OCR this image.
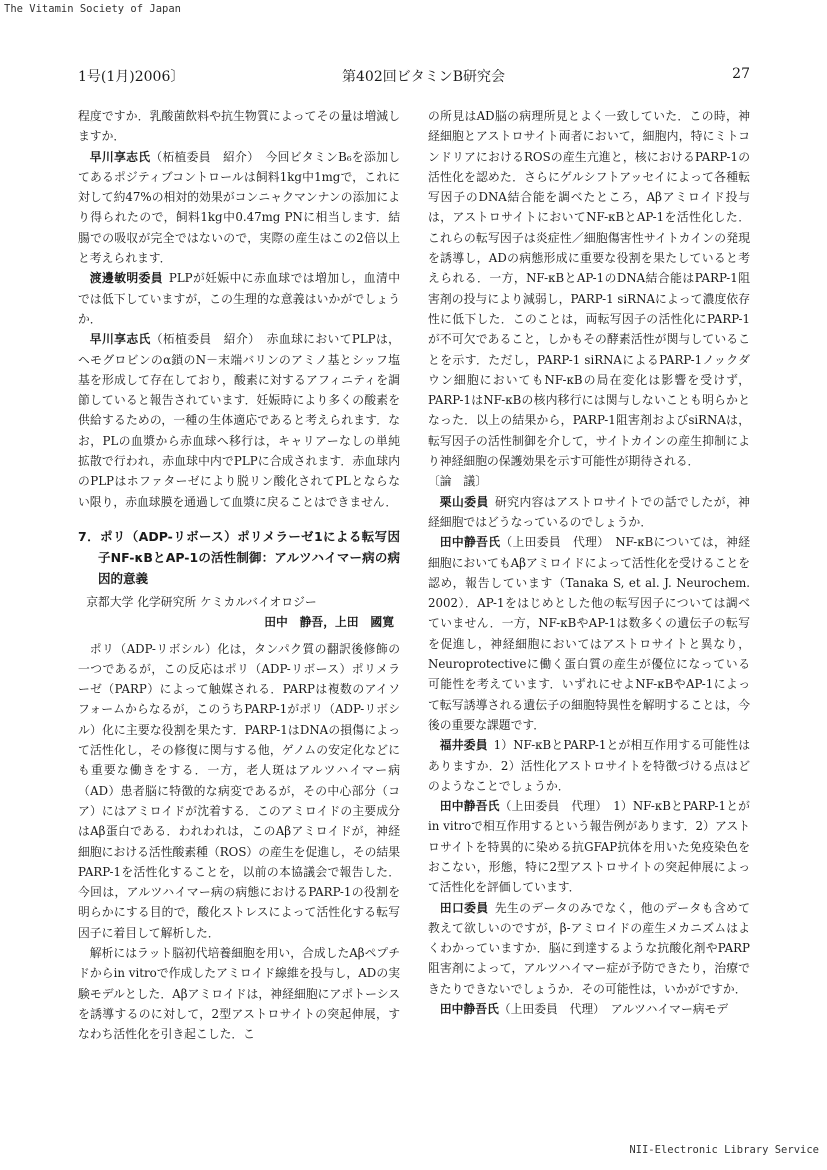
The Vitamin Society of Japan
1号(1月)2006〕	第402回ビタミンB研究会	27

程度ですか．乳酸菌飲料や抗生物質によってその量は増減しますか．

早川享志氏（柘植委員　紹介）  今回ビタミンB₆を添加してあるポジティブコントロールは飼料1kg中1mgで，これに対して約47%の相対的効果がコンニャクマンナンの添加により得られたので，飼料1kg中0.47mg PNに相当します．結腸での吸収が完全ではないので，実際の産生はこの2倍以上と考えられます．

渡邊敏明委員  PLPが妊娠中に赤血球では増加し，血清中では低下していますが，この生理的な意義はいかがでしょうか．

早川享志氏（柘植委員　紹介）  赤血球においてPLPは，ヘモグロビンのα鎖のN－末端バリンのアミノ基とシッフ塩基を形成して存在しており，酸素に対するアフィニティを調節していると報告されています．妊娠時により多くの酸素を供給するための，一種の生体適応であると考えられます．なお，PLの血漿から赤血球へ移行は，キャリアーなしの単純拡散で行われ，赤血球中内でPLPに合成されます．赤血球内のPLPはホファターゼにより脱リン酸化されてPLとならない限り，赤血球膜を通過して血漿に戻ることはできません．

7．ポリ（ADP-リボース）ポリメラーゼ1による転写因子NF-κBとAP-1の活性制御：アルツハイマー病の病因的意義
京都大学 化学研究所 ケミカルバイオロジー
田中　静吾，上田　國寛

ポリ（ADP-リボシル）化は，タンパク質の翻訳後修飾の一つであるが，この反応はポリ（ADP-リボース）ポリメラーゼ（PARP）によって触媒される．PARPは複数のアイソフォームからなるが，このうちPARP-1がポリ（ADP-リボシル）化に主要な役割を果たす．PARP-1はDNAの損傷によって活性化し，その修復に関与する他，ゲノムの安定化などにも重要な働きをする．一方，老人斑はアルツハイマー病（AD）患者脳に特徴的な病変であるが，その中心部分（コア）にはアミロイドが沈着する．このアミロイドの主要成分はAβ蛋白である．われわれは，このAβアミロイドが，神経細胞における活性酸素種（ROS）の産生を促進し，その結果PARP-1を活性化することを，以前の本協議会で報告した．今回は，アルツハイマー病の病態におけるPARP-1の役割を明らかにする目的で，酸化ストレスによって活性化する転写因子に着目して解析した．

解析にはラット脳初代培養細胞を用い，合成したAβペプチドからin vitroで作成したアミロイド線維を投与し，ADの実験モデルとした．Aβアミロイドは，神経細胞にアポトーシスを誘導するのに対して，2型アストロサイトの突起伸展，すなわち活性化を引き起こした．こ

の所見はAD脳の病理所見とよく一致していた．この時，神経細胞とアストロサイト両者において，細胞内，特にミトコンドリアにおけるROSの産生亢進と，核におけるPARP-1の活性化を認めた．さらにゲルシフトアッセイによって各種転写因子のDNA結合能を調べたところ，Aβアミロイド投与は，アストロサイトにおいてNF-κBとAP-1を活性化した．これらの転写因子は炎症性／細胞傷害性サイトカインの発現を誘導し，ADの病態形成に重要な役割を果たしていると考えられる．一方，NF-κBとAP-1のDNA結合能はPARP-1阻害剤の投与により減弱し，PARP-1 siRNAによって濃度依存性に低下した．このことは，両転写因子の活性化にPARP-1が不可欠であること，しかもその酵素活性が関与していることを示す．ただし，PARP-1 siRNAによるPARP-1ノックダウン細胞においてもNF-κBの局在変化は影響を受けず，PARP-1はNF-κBの核内移行には関与しないことも明らかとなった．以上の結果から，PARP-1阻害剤およびsiRNAは，転写因子の活性制御を介して，サイトカインの産生抑制により神経細胞の保護効果を示す可能性が期待される．

〔論　議〕

栗山委員  研究内容はアストロサイトでの話でしたが，神経細胞ではどうなっているのでしょうか．

田中静吾氏（上田委員　代理）  NF-κBについては，神経細胞においてもAβアミロイドによって活性化を受けることを認め，報告しています（Tanaka S, et al. J. Neurochem. 2002）．AP-1をはじめとした他の転写因子については調べていません．一方，NF-κBやAP-1は数多くの遺伝子の転写を促進し，神経細胞においてはアストロサイトと異なり，Neuroprotectiveに働く蛋白質の産生が優位になっている可能性を考えています．いずれにせよNF-κBやAP-1によって転写誘導される遺伝子の細胞特異性を解明することは，今後の重要な課題です．

福井委員  1）NF-κBとPARP-1とが相互作用する可能性はありますか．2）活性化アストロサイトを特徴づける点はどのようなことでしょうか．

田中静吾氏（上田委員　代理）  1）NF-κBとPARP-1とがin vitroで相互作用するという報告例があります．2）アストロサイトを特異的に染める抗GFAP抗体を用いた免疫染色をおこない，形態，特に2型アストロサイトの突起伸展によって活性化を評価しています．

田口委員  先生のデータのみでなく，他のデータも含めて教えて欲しいのですが，β-アミロイドの産生メカニズムはよくわかっていますか．脳に到達するような抗酸化剤やPARP阻害剤によって，アルツハイマー症が予防できたり，治療できたりできないでしょうか．その可能性は，いかがですか．

田中静吾氏（上田委員　代理）  アルツハイマー病モデ

NII-Electronic Library Service
